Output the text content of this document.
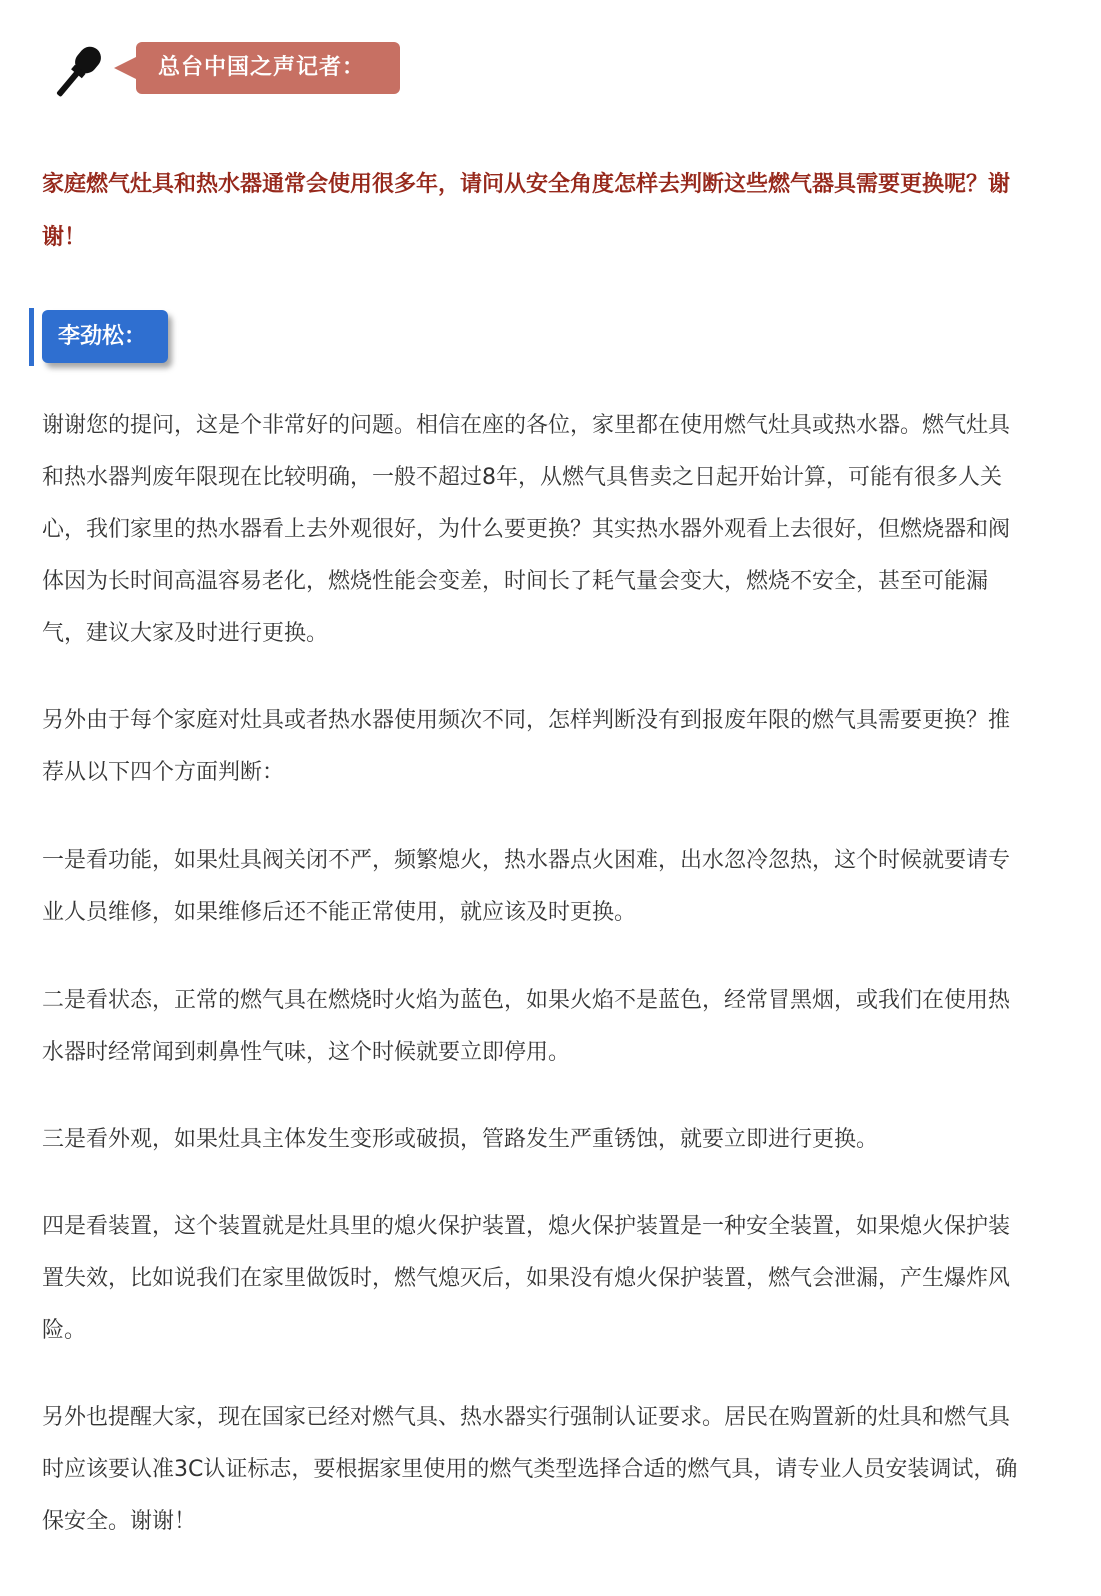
总台中国之声记者：

家庭燃气灶具和热水器通常会使用很多年，请问从安全角度怎样去判断这些燃气器具需要更换呢？谢谢！

李劲松：

谢谢您的提问，这是个非常好的问题。相信在座的各位，家里都在使用燃气灶具或热水器。燃气灶具和热水器判废年限现在比较明确，一般不超过8年，从燃气具售卖之日起开始计算，可能有很多人关心，我们家里的热水器看上去外观很好，为什么要更换？其实热水器外观看上去很好，但燃烧器和阀体因为长时间高温容易老化，燃烧性能会变差，时间长了耗气量会变大，燃烧不安全，甚至可能漏气，建议大家及时进行更换。

另外由于每个家庭对灶具或者热水器使用频次不同，怎样判断没有到报废年限的燃气具需要更换？推荐从以下四个方面判断：

一是看功能，如果灶具阀关闭不严，频繁熄火，热水器点火困难，出水忽冷忽热，这个时候就要请专业人员维修，如果维修后还不能正常使用，就应该及时更换。

二是看状态，正常的燃气具在燃烧时火焰为蓝色，如果火焰不是蓝色，经常冒黑烟，或我们在使用热水器时经常闻到刺鼻性气味，这个时候就要立即停用。

三是看外观，如果灶具主体发生变形或破损，管路发生严重锈蚀，就要立即进行更换。

四是看装置，这个装置就是灶具里的熄火保护装置，熄火保护装置是一种安全装置，如果熄火保护装置失效，比如说我们在家里做饭时，燃气熄灭后，如果没有熄火保护装置，燃气会泄漏，产生爆炸风险。

另外也提醒大家，现在国家已经对燃气具、热水器实行强制认证要求。居民在购置新的灶具和燃气具时应该要认准3C认证标志，要根据家里使用的燃气类型选择合适的燃气具，请专业人员安装调试，确保安全。谢谢！
